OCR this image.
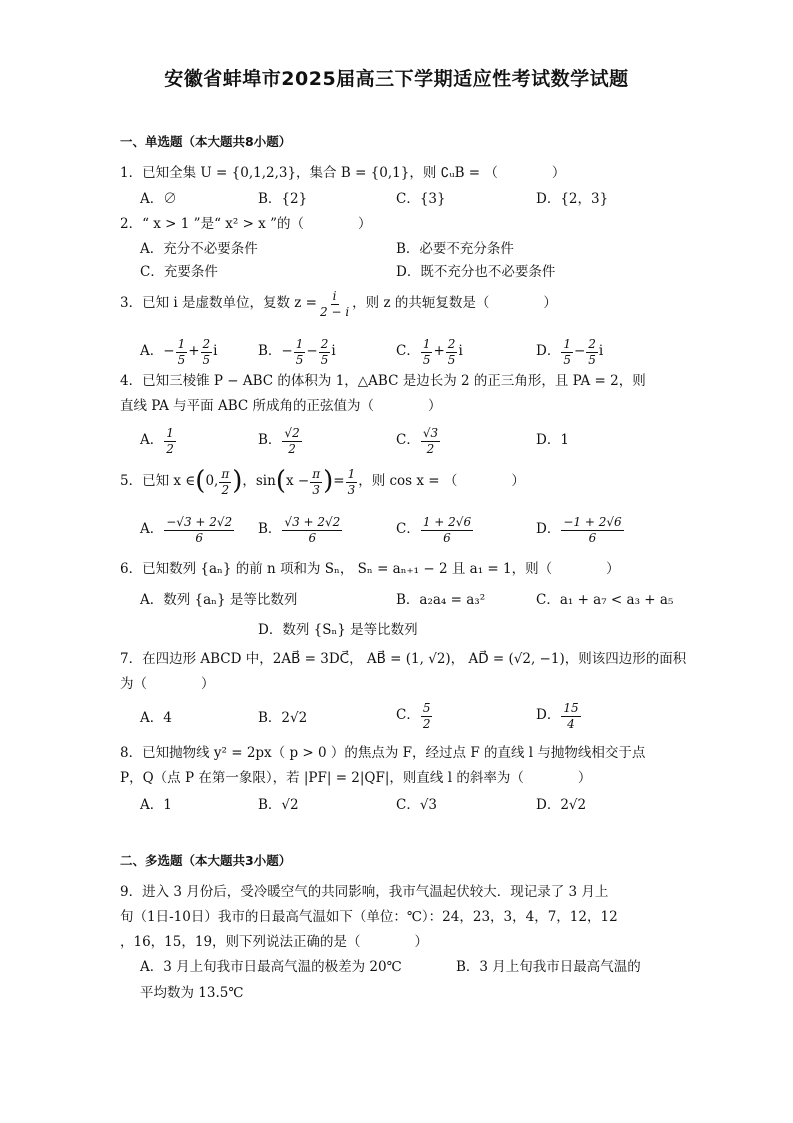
安徽省蚌埠市2025届高三下学期适应性考试数学试题
一、单选题（本大题共8小题）
1．已知全集 U = {0,1,2,3}，集合 B = {0,1}，则 ∁ᵤB = （　　　　）
A．∅	B．{2}	C．{3}	D．{2，3}
2．“ x > 1 ”是“ x² > x ”的（　　　　）
A．充分不必要条件	B．必要不充分条件
C．充要条件	D．既不充分也不必要条件
3．已知 i 是虚数单位，复数 $z = \frac{i}{2 - i}$ ，则 z 的共轭复数是（　　　　）
A．− $\frac{1}{5} + \frac{2}{5}$ i	B．− $\frac{1}{5} - \frac{2}{5}$ i	C． $\frac{1}{5} + \frac{2}{5}$ i	D． $\frac{1}{5} - \frac{2}{5}$ i
4．已知三棱锥 P − ABC 的体积为 1，△ABC 是边长为 2 的正三角形，且 PA = 2，则
直线 PA 与平面 ABC 所成角的正弦值为（　　　　）
A． $\frac{1}{2}$	B． $\frac{√2}{2}$	C． $\frac{√3}{2}$	D．1
5．已知 x ∈ ( 0, $\frac{\pi}{2}$ ) ，sin ( $x - \frac{\pi}{3}$ ) = $\frac{1}{3}$ ，则 cos x = （　　　　）
A． $\frac{-√3 + 2√2}{6}$ B． $\frac{√3 + 2√2}{6}$	C． $\frac{1 + 2√6}{6}$	D． $\frac{-1 + 2√6}{6}$
6．已知数列 {aₙ} 的前 n 项和为 Sₙ， Sₙ = aₙ₊₁ − 2 且 a₁ = 1，则（　　　　）
A．数列 {aₙ} 是等比数列	B．a₂a₄ = a₃²	C．a₁ + a₇ < a₃ + a₅
D．数列 {Sₙ} 是等比数列
7．在四边形 ABCD 中，2AB⃗ = 3DC⃗， AB⃗ = (1, √2)， AD⃗ = (√2, −1)，则该四边形的面积
为（　　　　）
A．4	B．2√2	C． $\frac{5}{2}$	D． $\frac{15}{4}$
8．已知抛物线 y² = 2px（ p > 0 ）的焦点为 F，经过点 F 的直线 l 与抛物线相交于点
P，Q（点 P 在第一象限），若 |PF| = 2|QF|，则直线 l 的斜率为（　　　　）
A．1	B．√2	C．√3	D．2√2
二、多选题（本大题共3小题）
9．进入 3 月份后，受冷暖空气的共同影响，我市气温起伏较大．现记录了 3 月上
旬（1日-10日）我市的日最高气温如下（单位：℃）：24，23，3，4，7，12，12
，16，15，19，则下列说法正确的是（　　　　）
A．3 月上旬我市日最高气温的极差为 20℃	B．3 月上旬我市日最高气温的
平均数为 13.5℃
